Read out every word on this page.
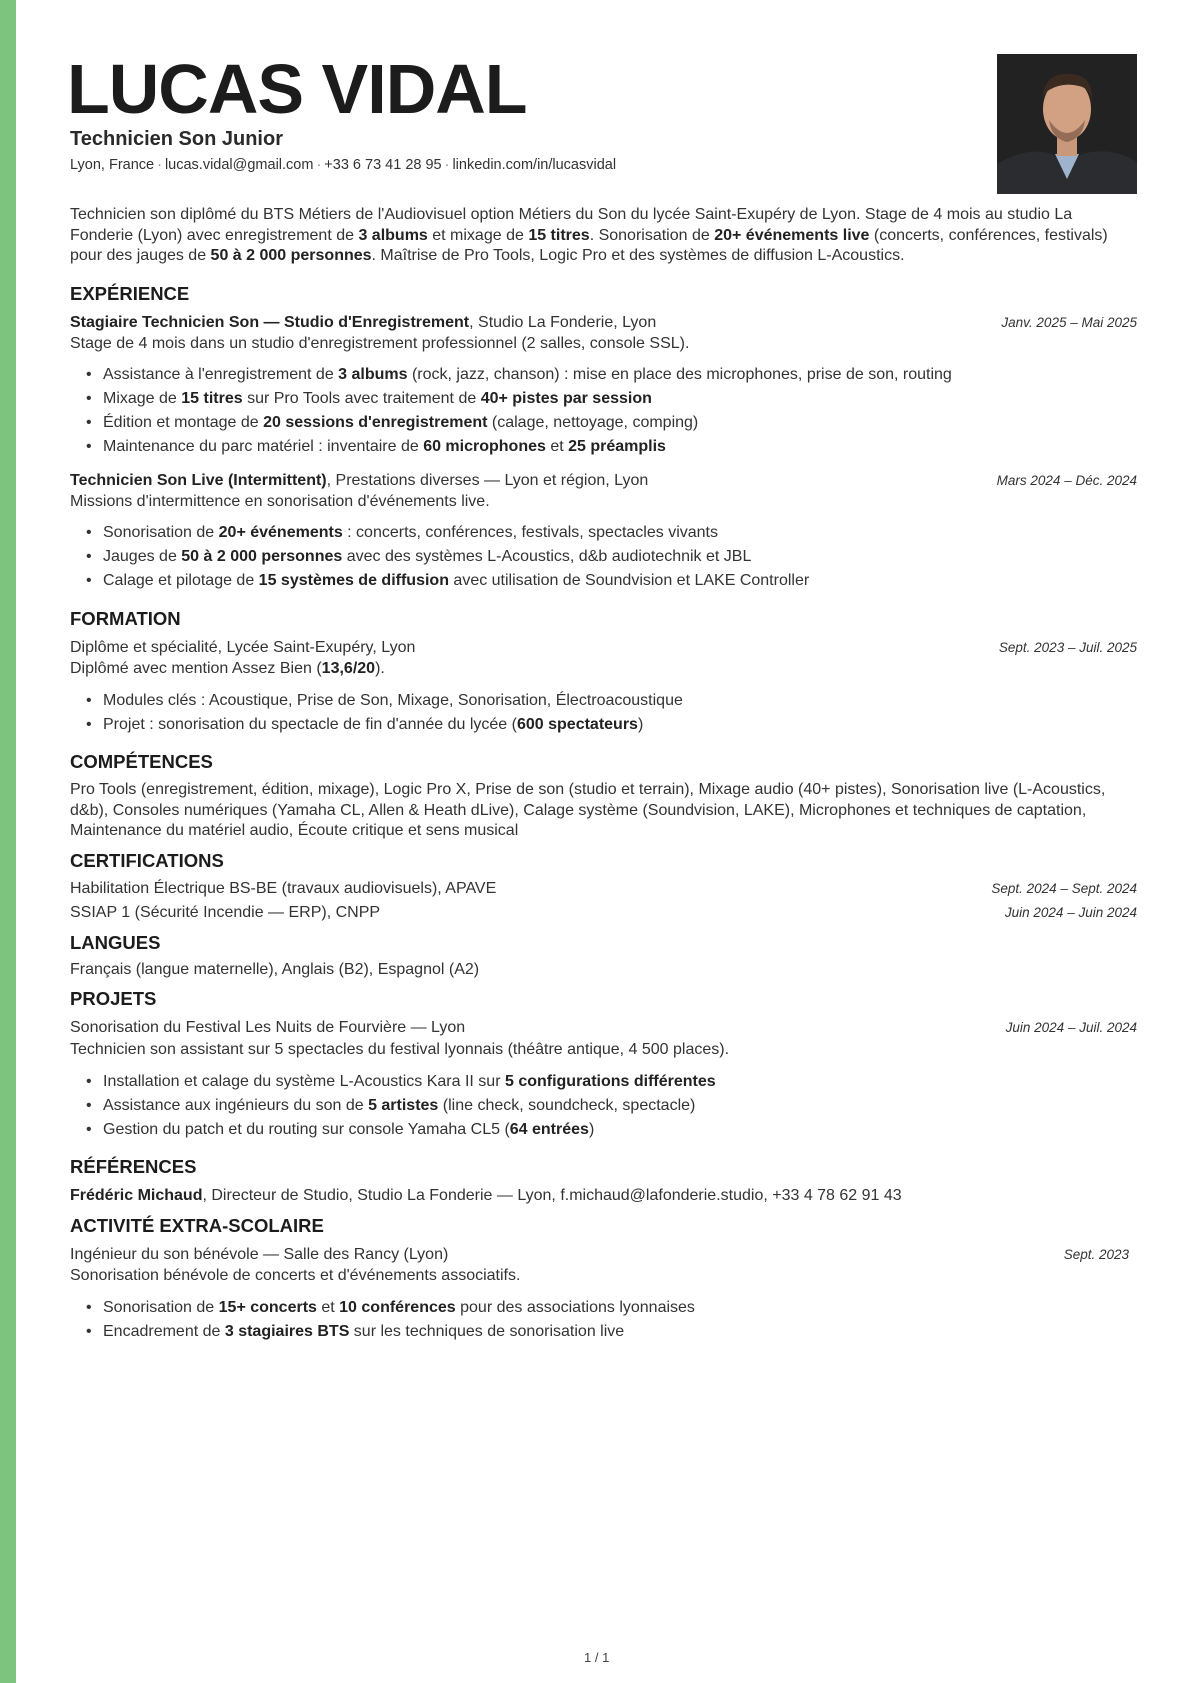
LUCAS VIDAL
Technicien Son Junior
Lyon, France · lucas.vidal@gmail.com · +33 6 73 41 28 95 · linkedin.com/in/lucasvidal
Technicien son diplômé du BTS Métiers de l'Audiovisuel option Métiers du Son du lycée Saint-Exupéry de Lyon. Stage de 4 mois au studio La Fonderie (Lyon) avec enregistrement de 3 albums et mixage de 15 titres. Sonorisation de 20+ événements live (concerts, conférences, festivals) pour des jauges de 50 à 2 000 personnes. Maîtrise de Pro Tools, Logic Pro et des systèmes de diffusion L-Acoustics.
EXPÉRIENCE
Stagiaire Technicien Son — Studio d'Enregistrement, Studio La Fonderie, Lyon	Janv. 2025 – Mai 2025
Stage de 4 mois dans un studio d'enregistrement professionnel (2 salles, console SSL).
• Assistance à l'enregistrement de 3 albums (rock, jazz, chanson) : mise en place des microphones, prise de son, routing
• Mixage de 15 titres sur Pro Tools avec traitement de 40+ pistes par session
• Édition et montage de 20 sessions d'enregistrement (calage, nettoyage, comping)
• Maintenance du parc matériel : inventaire de 60 microphones et 25 préamplis
Technicien Son Live (Intermittent), Prestations diverses — Lyon et région, Lyon	Mars 2024 – Déc. 2024
Missions d'intermittence en sonorisation d'événements live.
• Sonorisation de 20+ événements : concerts, conférences, festivals, spectacles vivants
• Jauges de 50 à 2 000 personnes avec des systèmes L-Acoustics, d&b audiotechnik et JBL
• Calage et pilotage de 15 systèmes de diffusion avec utilisation de Soundvision et LAKE Controller
FORMATION
Diplôme et spécialité, Lycée Saint-Exupéry, Lyon	Sept. 2023 – Juil. 2025
Diplômé avec mention Assez Bien (13,6/20).
• Modules clés : Acoustique, Prise de Son, Mixage, Sonorisation, Électroacoustique
• Projet : sonorisation du spectacle de fin d'année du lycée (600 spectateurs)
COMPÉTENCES
Pro Tools (enregistrement, édition, mixage), Logic Pro X, Prise de son (studio et terrain), Mixage audio (40+ pistes), Sonorisation live (L-Acoustics, d&b), Consoles numériques (Yamaha CL, Allen & Heath dLive), Calage système (Soundvision, LAKE), Microphones et techniques de captation, Maintenance du matériel audio, Écoute critique et sens musical
CERTIFICATIONS
Habilitation Électrique BS-BE (travaux audiovisuels), APAVE	Sept. 2024 – Sept. 2024
SSIAP 1 (Sécurité Incendie — ERP), CNPP	Juin 2024 – Juin 2024
LANGUES
Français (langue maternelle), Anglais (B2), Espagnol (A2)
PROJETS
Sonorisation du Festival Les Nuits de Fourvière — Lyon	Juin 2024 – Juil. 2024
Technicien son assistant sur 5 spectacles du festival lyonnais (théâtre antique, 4 500 places).
• Installation et calage du système L-Acoustics Kara II sur 5 configurations différentes
• Assistance aux ingénieurs du son de 5 artistes (line check, soundcheck, spectacle)
• Gestion du patch et du routing sur console Yamaha CL5 (64 entrées)
RÉFÉRENCES
Frédéric Michaud, Directeur de Studio, Studio La Fonderie — Lyon, f.michaud@lafonderie.studio, +33 4 78 62 91 43
ACTIVITÉ EXTRA-SCOLAIRE
Ingénieur du son bénévole — Salle des Rancy (Lyon)	Sept. 2023
Sonorisation bénévole de concerts et d'événements associatifs.
• Sonorisation de 15+ concerts et 10 conférences pour des associations lyonnaises
• Encadrement de 3 stagiaires BTS sur les techniques de sonorisation live
1 / 1
